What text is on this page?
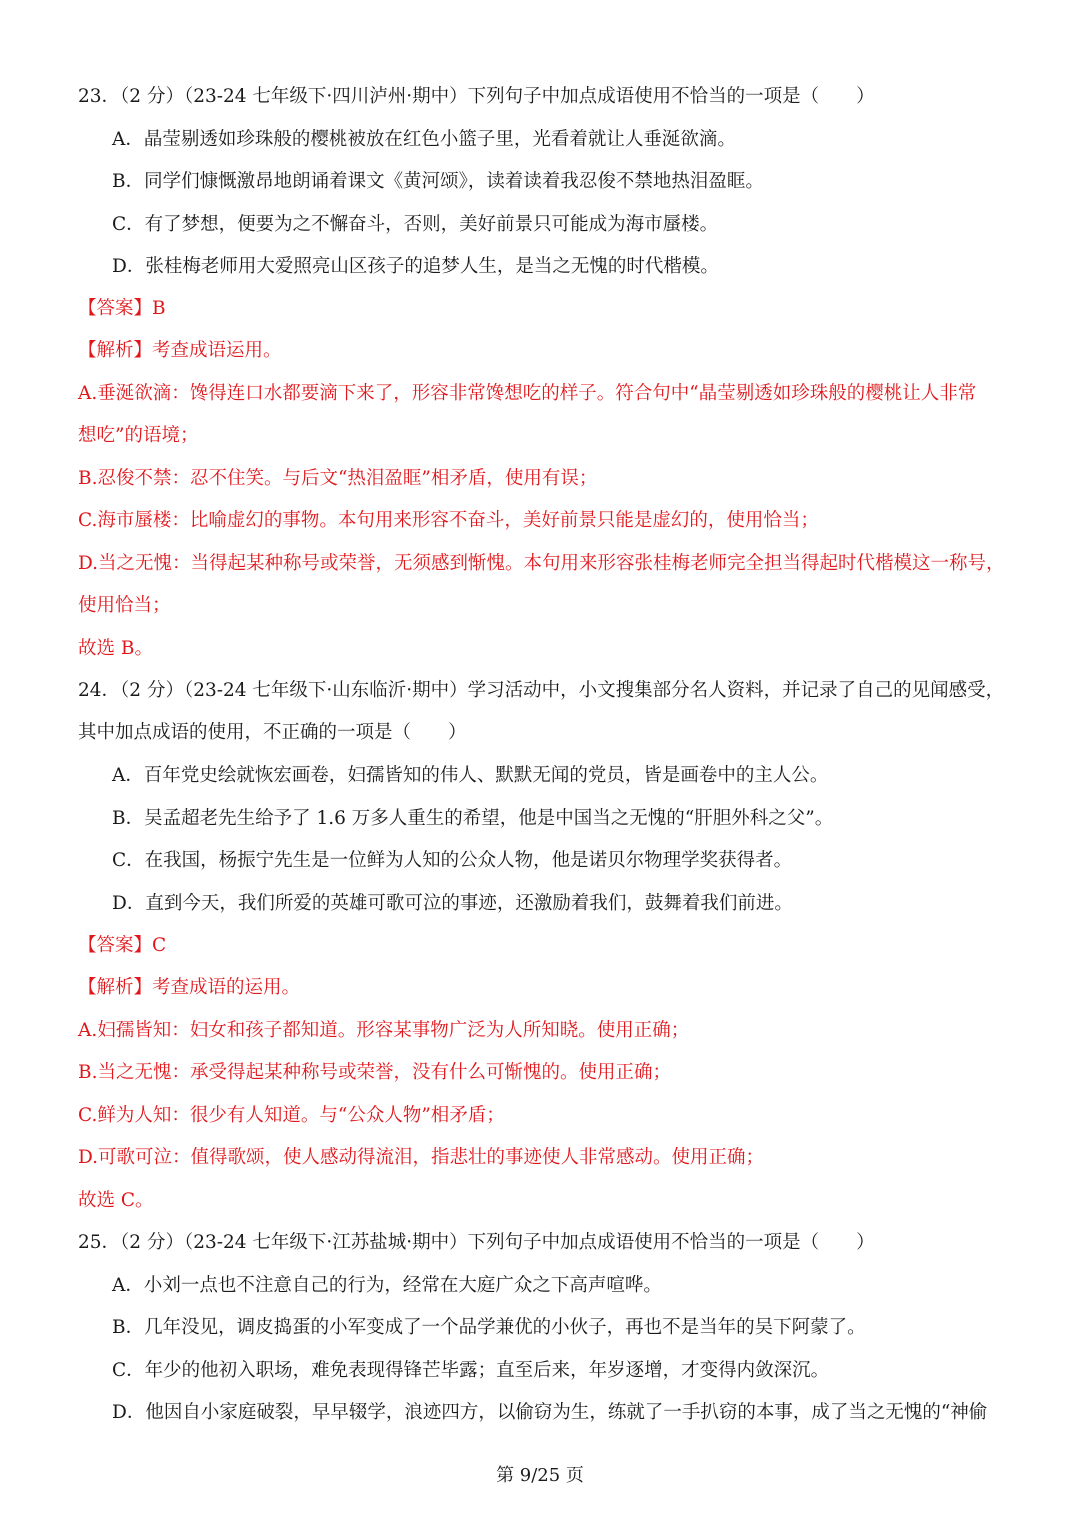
23．（2 分）（23-24 七年级下·四川泸州·期中）下列句子中加点成语使用不恰当的一项是（　　）
A．晶莹剔透如珍珠般的樱桃被放在红色小篮子里，光看着就让人垂涎欲滴。
B．同学们慷慨激昂地朗诵着课文《黄河颂》，读着读着我忍俊不禁地热泪盈眶。
C．有了梦想，便要为之不懈奋斗，否则，美好前景只可能成为海市蜃楼。
D．张桂梅老师用大爱照亮山区孩子的追梦人生，是当之无愧的时代楷模。
【答案】B
【解析】考查成语运用。
A.垂涎欲滴：馋得连口水都要滴下来了，形容非常馋想吃的样子。符合句中“晶莹剔透如珍珠般的樱桃让人非常
想吃”的语境；
B.忍俊不禁：忍不住笑。与后文“热泪盈眶”相矛盾，使用有误；
C.海市蜃楼：比喻虚幻的事物。本句用来形容不奋斗，美好前景只能是虚幻的，使用恰当；
D.当之无愧：当得起某种称号或荣誉，无须感到惭愧。本句用来形容张桂梅老师完全担当得起时代楷模这一称号，
使用恰当；
故选 B。
24．（2 分）（23-24 七年级下·山东临沂·期中）学习活动中，小文搜集部分名人资料，并记录了自己的见闻感受，
其中加点成语的使用，不正确的一项是（　　）
A．百年党史绘就恢宏画卷，妇孺皆知的伟人、默默无闻的党员，皆是画卷中的主人公。
B．吴孟超老先生给予了 1.6 万多人重生的希望，他是中国当之无愧的“肝胆外科之父”。
C．在我国，杨振宁先生是一位鲜为人知的公众人物，他是诺贝尔物理学奖获得者。
D．直到今天，我们所爱的英雄可歌可泣的事迹，还激励着我们，鼓舞着我们前进。
【答案】C
【解析】考查成语的运用。
A.妇孺皆知：妇女和孩子都知道。形容某事物广泛为人所知晓。使用正确；
B.当之无愧：承受得起某种称号或荣誉，没有什么可惭愧的。使用正确；
C.鲜为人知：很少有人知道。与“公众人物”相矛盾；
D.可歌可泣：值得歌颂，使人感动得流泪，指悲壮的事迹使人非常感动。使用正确；
故选 C。
25．（2 分）（23-24 七年级下·江苏盐城·期中）下列句子中加点成语使用不恰当的一项是（　　）
A．小刘一点也不注意自己的行为，经常在大庭广众之下高声喧哗。
B．几年没见，调皮捣蛋的小军变成了一个品学兼优的小伙子，再也不是当年的吴下阿蒙了。
C．年少的他初入职场，难免表现得锋芒毕露；直至后来，年岁逐增，才变得内敛深沉。
D．他因自小家庭破裂，早早辍学，浪迹四方，以偷窃为生，练就了一手扒窃的本事，成了当之无愧的“神偷
第 9/25 页
